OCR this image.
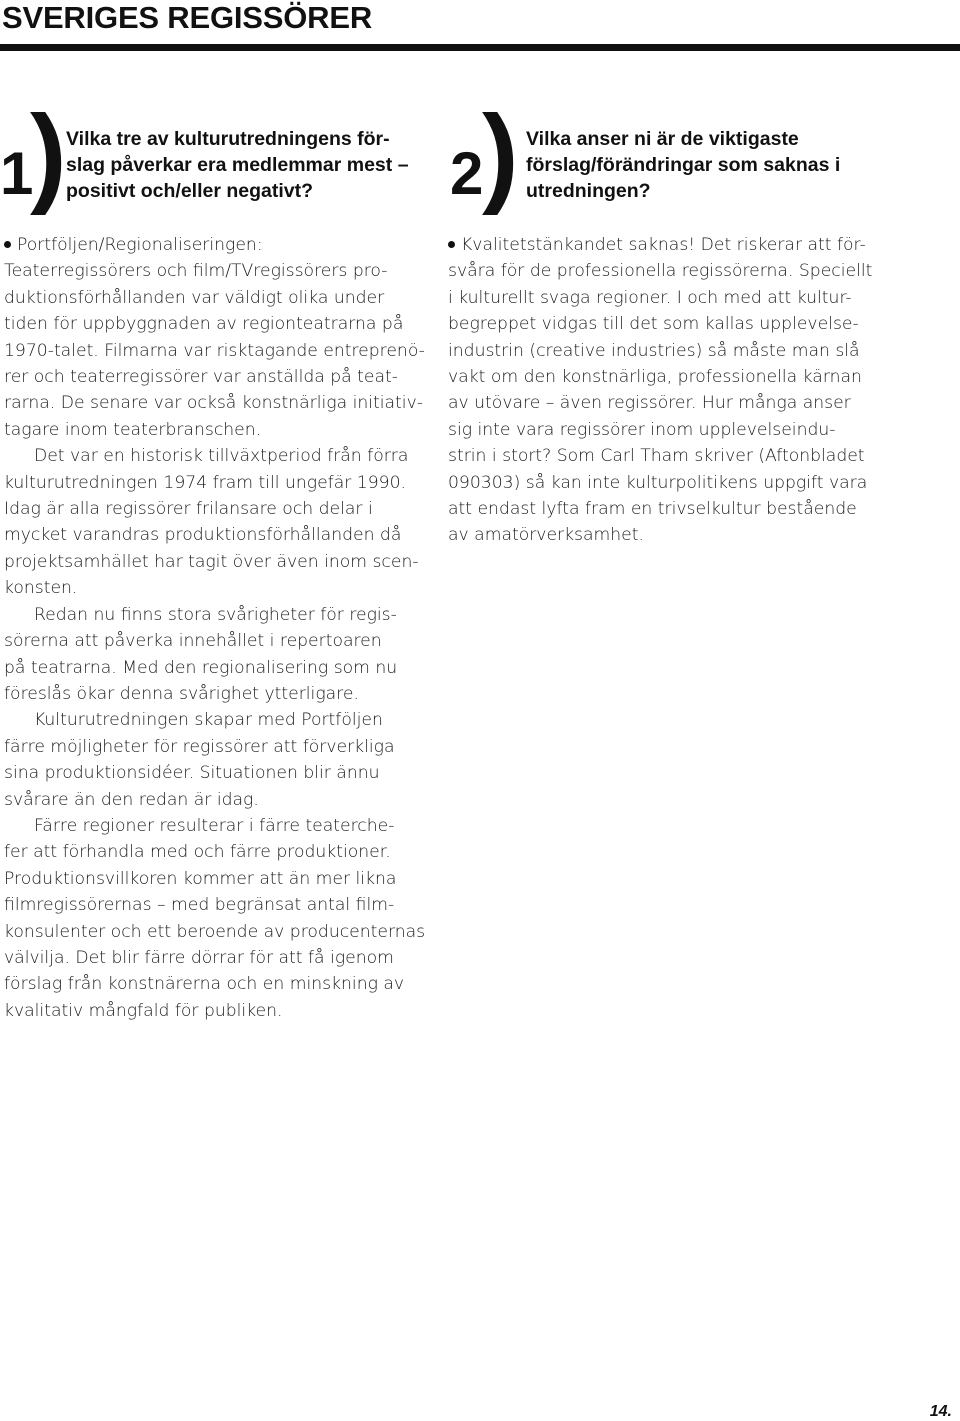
SVERIGES REGISSÖRER
1
) Vilka tre av kulturutredningens för-
slag påverkar era medlemmar mest –
positivt och/eller negativt?	2
) Vilka anser ni är de viktigaste
förslag/förändringar som saknas i
utredningen?

Portföljen/Regionaliseringen:
Teaterregissörers och film/TVregissörers pro-
duktionsförhållanden var väldigt olika under
tiden för uppbyggnaden av regionteatrarna på
1970-talet. Filmarna var risktagande entreprenö-
rer och teaterregissörer var anställda på teat-
rarna. De senare var också konstnärliga initiativ-
tagare inom teaterbranschen.

Det var en historisk tillväxtperiod från förra
kulturutredningen 1974 fram till ungefär 1990.

Idag är alla regissörer frilansare och delar i
mycket varandras produktionsförhållanden då
projektsamhället har tagit över även inom scen-
konsten.

Redan nu finns stora svårigheter för regis-
sörerna att påverka innehållet i repertoaren
på teatrarna. Med den regionalisering som nu
föreslås ökar denna svårighet ytterligare.

Kulturutredningen skapar med Portföljen
färre möjligheter för regissörer att förverkliga
sina produktionsidéer. Situationen blir ännu
svårare än den redan är idag.

Färre regioner resulterar i färre teaterche-
fer att förhandla med och färre produktioner.
Produktionsvillkoren kommer att än mer likna
filmregissörernas – med begränsat antal film-
konsulenter och ett beroende av producenternas
välvilja. Det blir färre dörrar för att få igenom
förslag från konstnärerna och en minskning av
kvalitativ mångfald för publiken.

Kvalitetstänkandet saknas! Det riskerar att för-
svåra för de professionella regissörerna. Speciellt
i kulturellt svaga regioner. I och med att kultur-
begreppet vidgas till det som kallas upplevelse-
industrin (creative industries) så måste man slå
vakt om den konstnärliga, professionella kärnan
av utövare – även regissörer. Hur många anser
sig inte vara regissörer inom upplevelseindu-
strin i stort? Som Carl Tham skriver (Aftonbladet
090303) så kan inte kulturpolitikens uppgift vara
att endast lyfta fram en trivselkultur bestående
av amatörverksamhet.

14.
